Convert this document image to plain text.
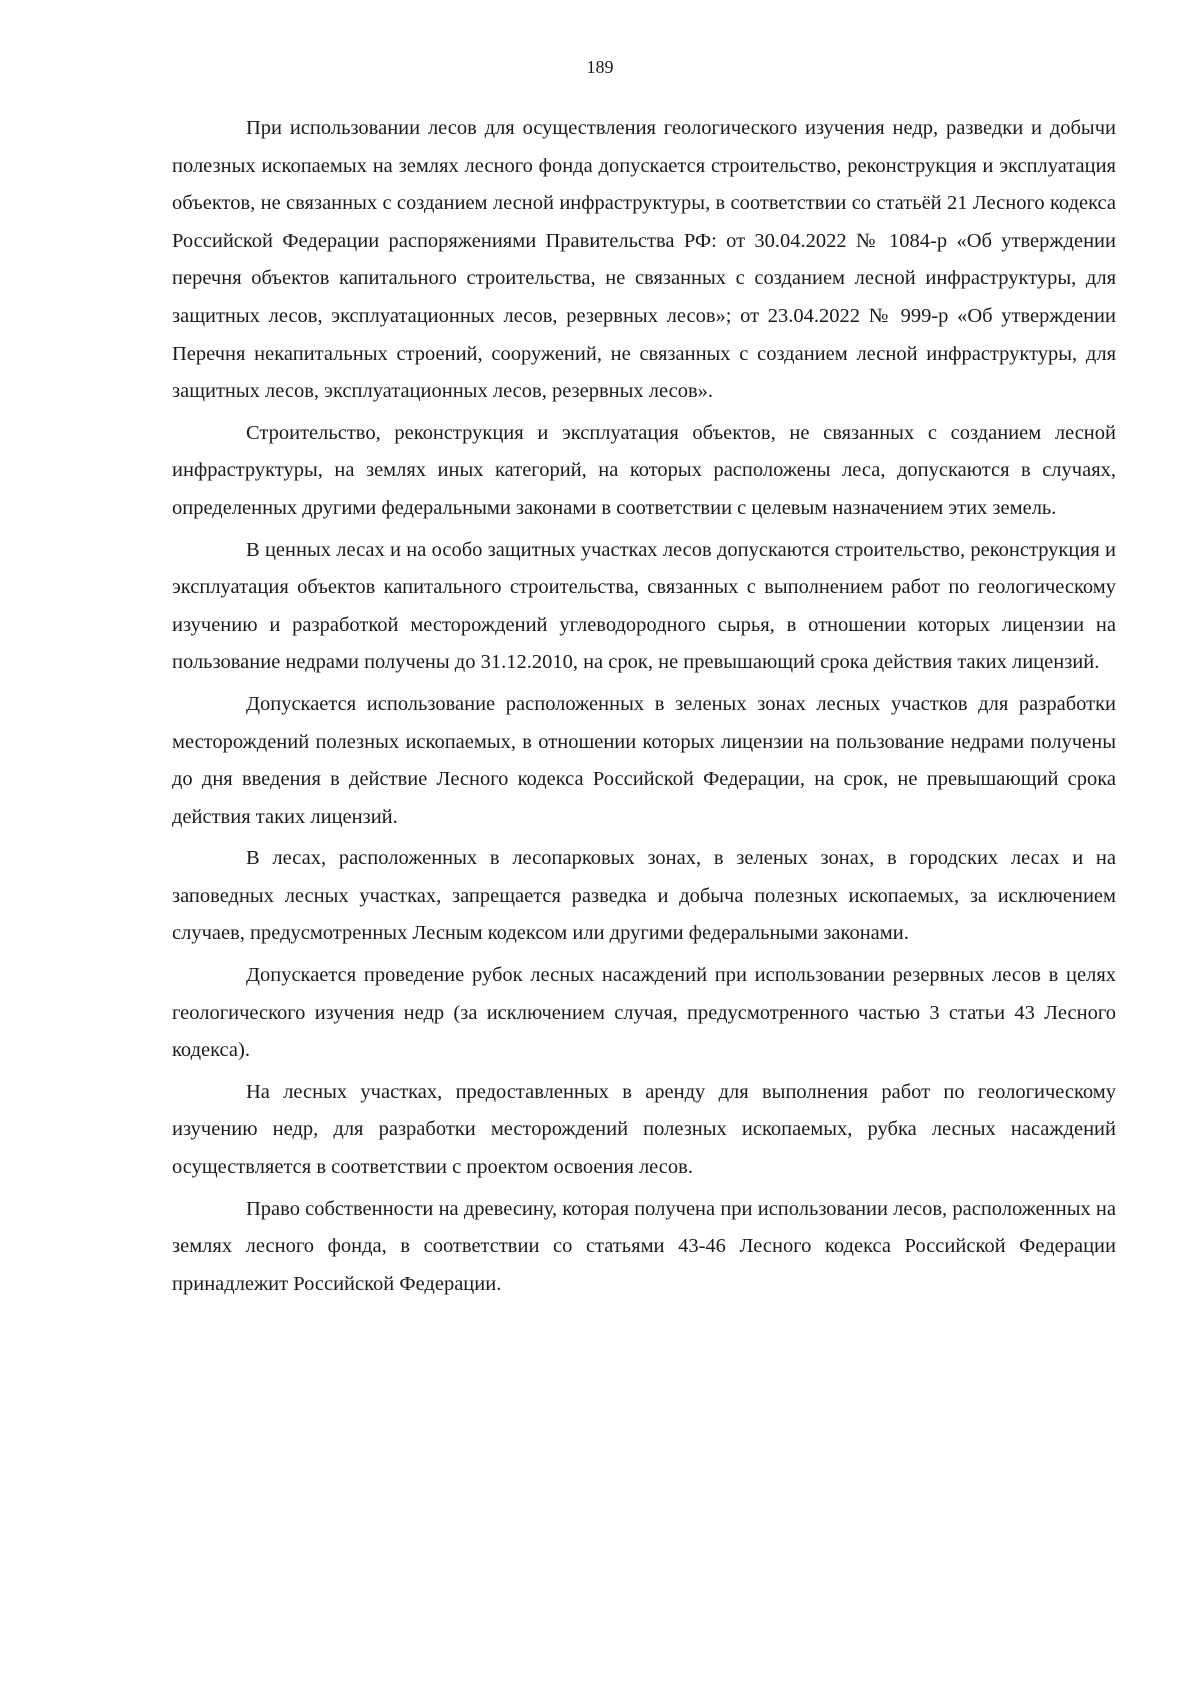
189

При использовании лесов для осуществления геологического изучения недр, разведки и добычи полезных ископаемых на землях лесного фонда допускается строительство, реконструкция и эксплуатация объектов, не связанных с созданием лесной инфраструктуры, в соответствии со статьёй 21 Лесного кодекса Российской Федерации распоряжениями Правительства РФ: от 30.04.2022 № 1084-р «Об утверждении перечня объектов капитального строительства, не связанных с созданием лесной инфраструктуры, для защитных лесов, эксплуатационных лесов, резервных лесов»; от 23.04.2022 № 999-р «Об утверждении Перечня некапитальных строений, сооружений, не связанных с созданием лесной инфраструктуры, для защитных лесов, эксплуатационных лесов, резервных лесов».

Строительство, реконструкция и эксплуатация объектов, не связанных с созданием лесной инфраструктуры, на землях иных категорий, на которых расположены леса, допускаются в случаях, определенных другими федеральными законами в соответствии с целевым назначением этих земель.

В ценных лесах и на особо защитных участках лесов допускаются строительство, реконструкция и эксплуатация объектов капитального строительства, связанных с выполнением работ по геологическому изучению и разработкой месторождений углеводородного сырья, в отношении которых лицензии на пользование недрами получены до 31.12.2010, на срок, не превышающий срока действия таких лицензий.

Допускается использование расположенных в зеленых зонах лесных участков для разработки месторождений полезных ископаемых, в отношении которых лицензии на пользование недрами получены до дня введения в действие Лесного кодекса Российской Федерации, на срок, не превышающий срока действия таких лицензий.

В лесах, расположенных в лесопарковых зонах, в зеленых зонах, в городских лесах и на заповедных лесных участках, запрещается разведка и добыча полезных ископаемых, за исключением случаев, предусмотренных Лесным кодексом или другими федеральными законами.

Допускается проведение рубок лесных насаждений при использовании резервных лесов в целях геологического изучения недр (за исключением случая, предусмотренного частью 3 статьи 43 Лесного кодекса).

На лесных участках, предоставленных в аренду для выполнения работ по геологическому изучению недр, для разработки месторождений полезных ископаемых, рубка лесных насаждений осуществляется в соответствии с проектом освоения лесов.

Право собственности на древесину, которая получена при использовании лесов, расположенных на землях лесного фонда, в соответствии со статьями 43-46 Лесного кодекса Российской Федерации принадлежит Российской Федерации.
